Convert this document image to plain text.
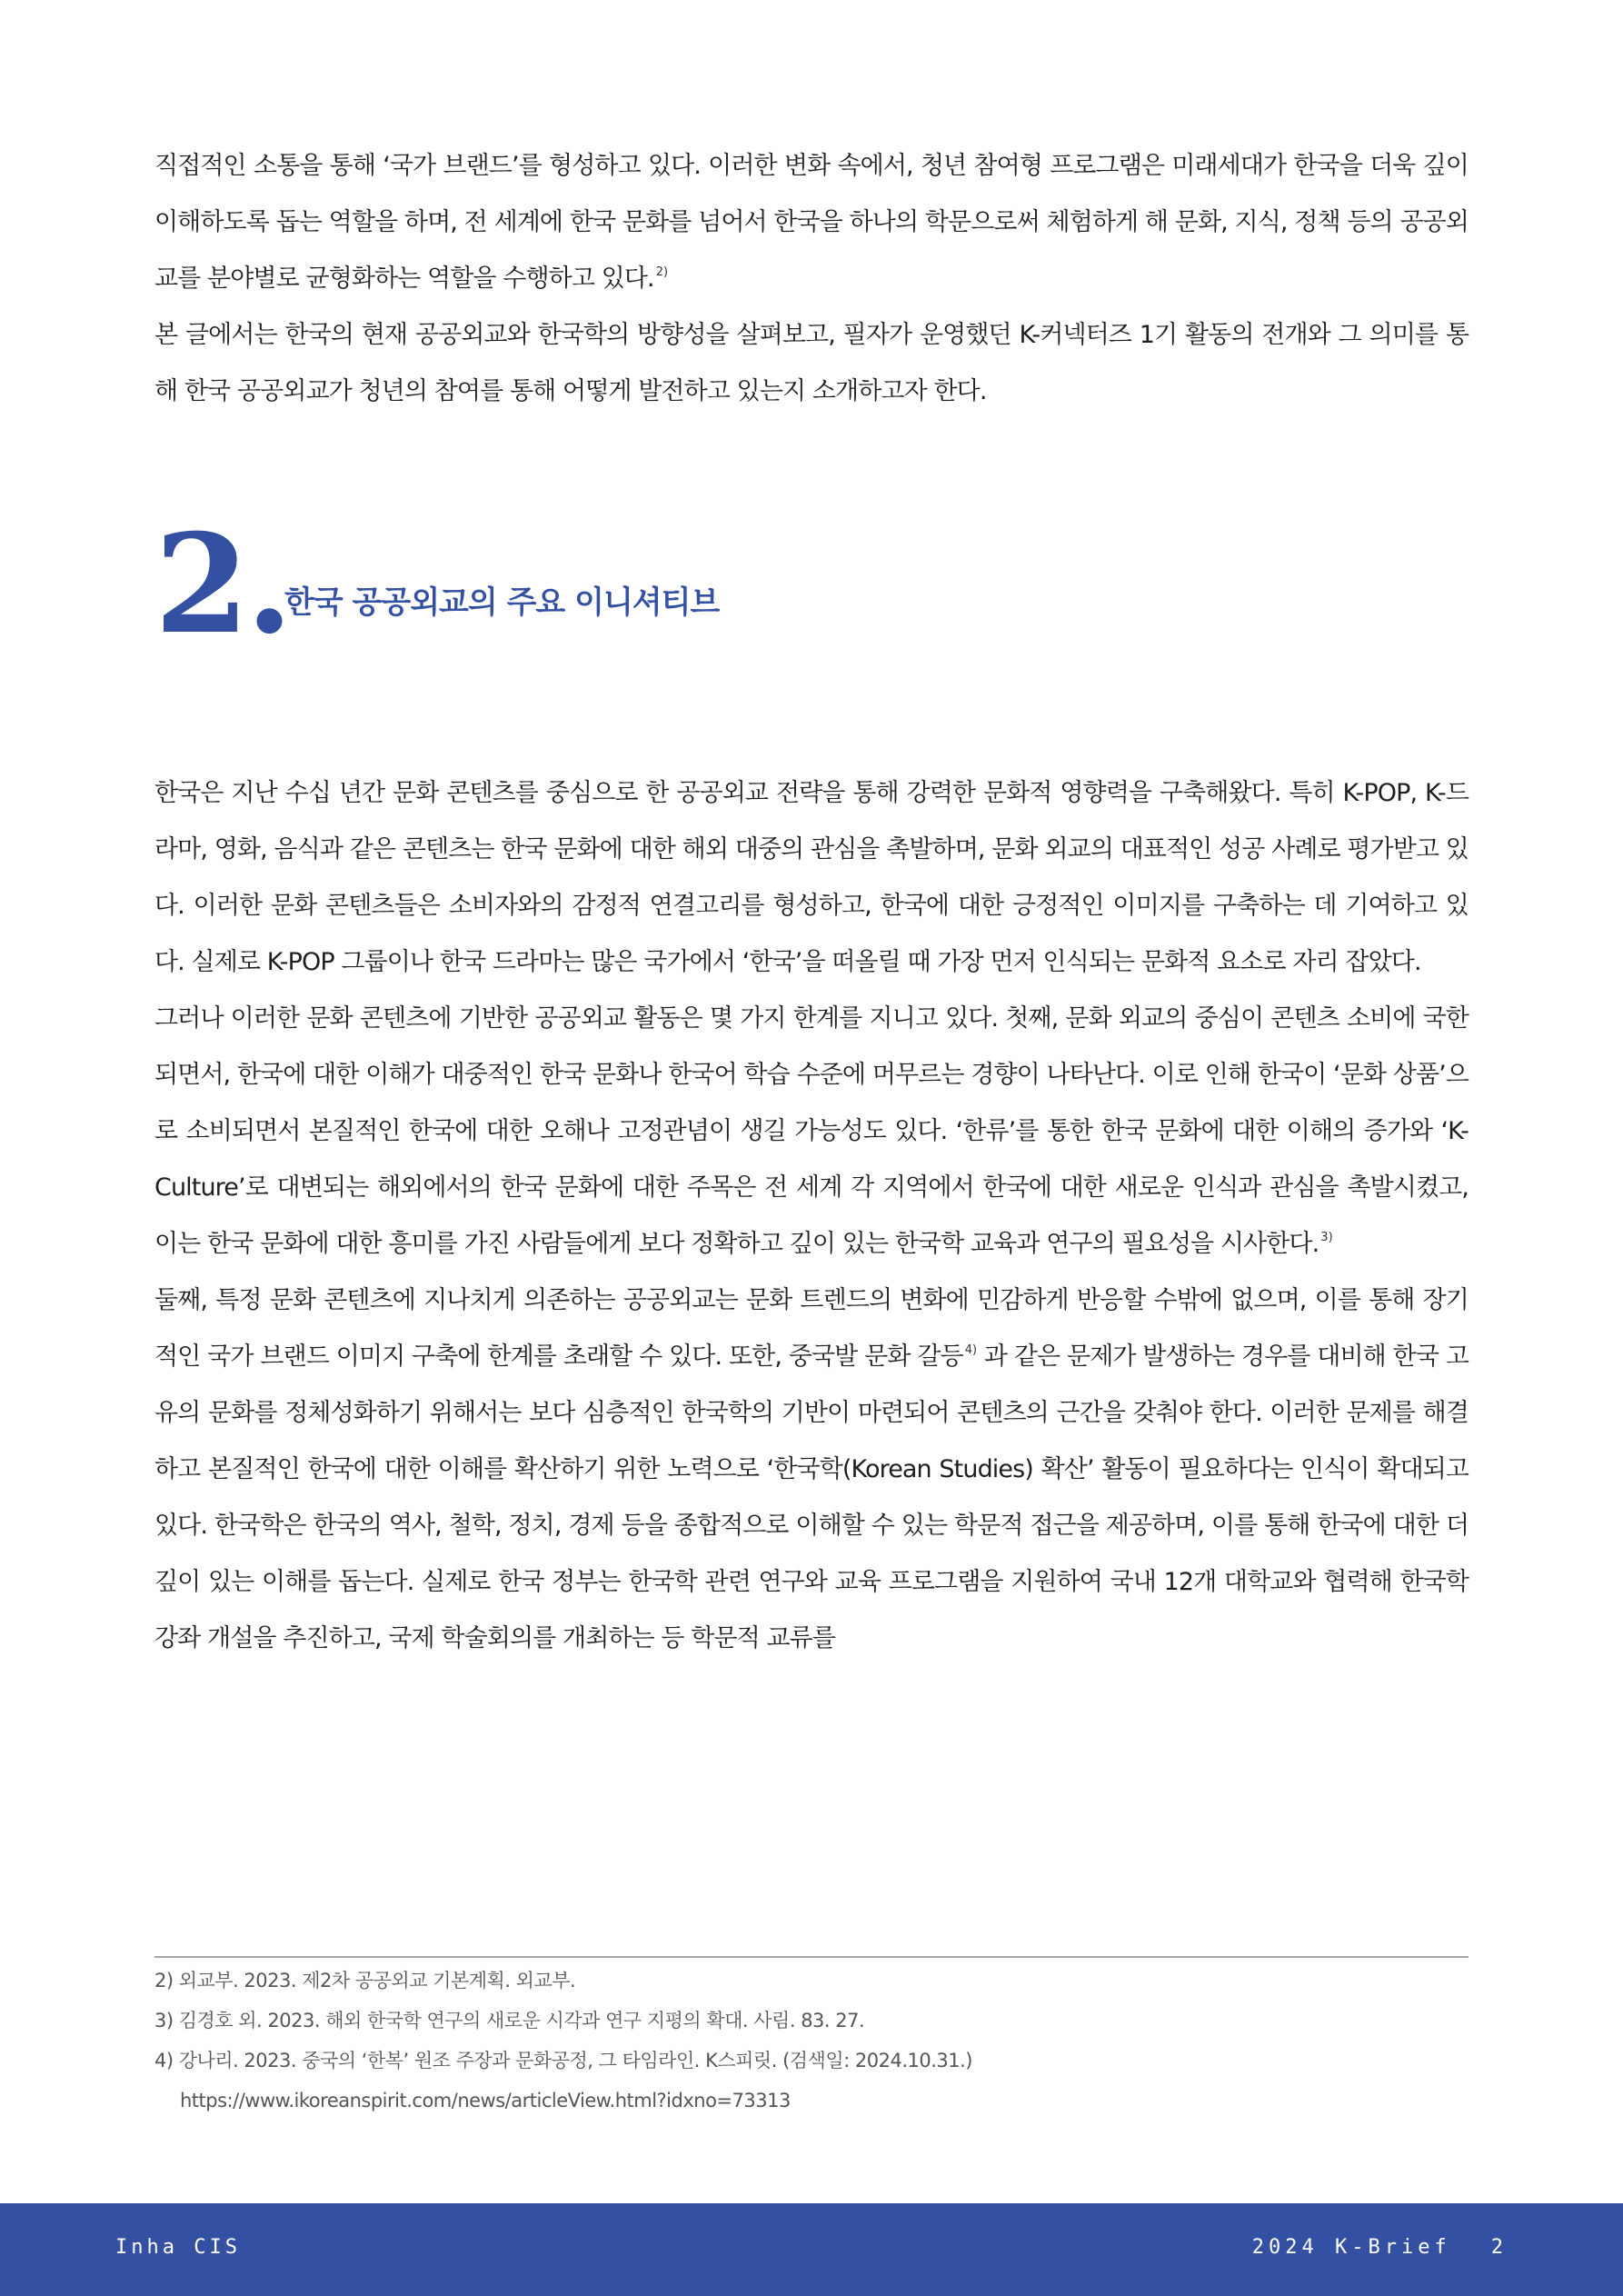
직접적인 소통을 통해 ‘국가 브랜드’를 형성하고 있다. 이러한 변화 속에서, 청년 참여형 프로그램은 미래세대가 한국을 더욱 깊이 이해하도록 돕는 역할을 하며, 전 세계에 한국 문화를 넘어서 한국을 하나의 학문으로써 체험하게 해 문화, 지식, 정책 등의 공공외교를 분야별로 균형화하는 역할을 수행하고 있다. $^{2)}$

본 글에서는 한국의 현재 공공외교와 한국학의 방향성을 살펴보고, 필자가 운영했던 K-커넥터즈 1기 활동의 전개와 그 의미를 통해 한국 공공외교가 청년의 참여를 통해 어떻게 발전하고 있는지 소개하고자 한다.

2.
한국 공공외교의 주요 이니셔티브

한국은 지난 수십 년간 문화 콘텐츠를 중심으로 한 공공외교 전략을 통해 강력한 문화적 영향력을 구축해왔다. 특히 K-POP, K-드라마, 영화, 음식과 같은 콘텐츠는 한국 문화에 대한 해외 대중의 관심을 촉발하며, 문화 외교의 대표적인 성공 사례로 평가받고 있다. 이러한 문화 콘텐츠들은 소비자와의 감정적 연결고리를 형성하고, 한국에 대한 긍정적인 이미지를 구축하는 데 기여하고 있다. 실제로 K-POP 그룹이나 한국 드라마는 많은 국가에서 ‘한국’을 떠올릴 때 가장 먼저 인식되는 문화적 요소로 자리 잡았다.

그러나 이러한 문화 콘텐츠에 기반한 공공외교 활동은 몇 가지 한계를 지니고 있다. 첫째, 문화 외교의 중심이 콘텐츠 소비에 국한되면서, 한국에 대한 이해가 대중적인 한국 문화나 한국어 학습 수준에 머무르는 경향이 나타난다. 이로 인해 한국이 ‘문화 상품’으로 소비되면서 본질적인 한국에 대한 오해나 고정관념이 생길 가능성도 있다. ‘한류’를 통한 한국 문화에 대한 이해의 증가와 ‘K-Culture’로 대변되는 해외에서의 한국 문화에 대한 주목은 전 세계 각 지역에서 한국에 대한 새로운 인식과 관심을 촉발시켰고, 이는 한국 문화에 대한 흥미를 가진 사람들에게 보다 정확하고 깊이 있는 한국학 교육과 연구의 필요성을 시사한다. $^{3)}$

둘째, 특정 문화 콘텐츠에 지나치게 의존하는 공공외교는 문화 트렌드의 변화에 민감하게 반응할 수밖에 없으며, 이를 통해 장기적인 국가 브랜드 이미지 구축에 한계를 초래할 수 있다. 또한, 중국발 문화 갈등 $^{4)}$ 과 같은 문제가 발생하는 경우를 대비해 한국 고유의 문화를 정체성화하기 위해서는 보다 심층적인 한국학의 기반이 마련되어 콘텐츠의 근간을 갖춰야 한다. 이러한 문제를 해결하고 본질적인 한국에 대한 이해를 확산하기 위한 노력으로 ‘한국학(Korean Studies) 확산’ 활동이 필요하다는 인식이 확대되고 있다. 한국학은 한국의 역사, 철학, 정치, 경제 등을 종합적으로 이해할 수 있는 학문적 접근을 제공하며, 이를 통해 한국에 대한 더 깊이 있는 이해를 돕는다. 실제로 한국 정부는 한국학 관련 연구와 교육 프로그램을 지원하여 국내 12개 대학교와 협력해 한국학 강좌 개설을 추진하고, 국제 학술회의를 개최하는 등 학문적 교류를

2) 외교부. 2023. 제2차 공공외교 기본계획. 외교부.

3) 김경호 외. 2023. 해외 한국학 연구의 새로운 시각과 연구 지평의 확대. 사림. 83. 27.

4) 강나리. 2023. 중국의 ‘한복’ 원조 주장과 문화공정, 그 타임라인. K스피릿. (검색일: 2024.10.31.)
https://www.ikoreanspirit.com/news/articleView.html?idxno=73313

Inha CIS	2024 K-Brief 2
